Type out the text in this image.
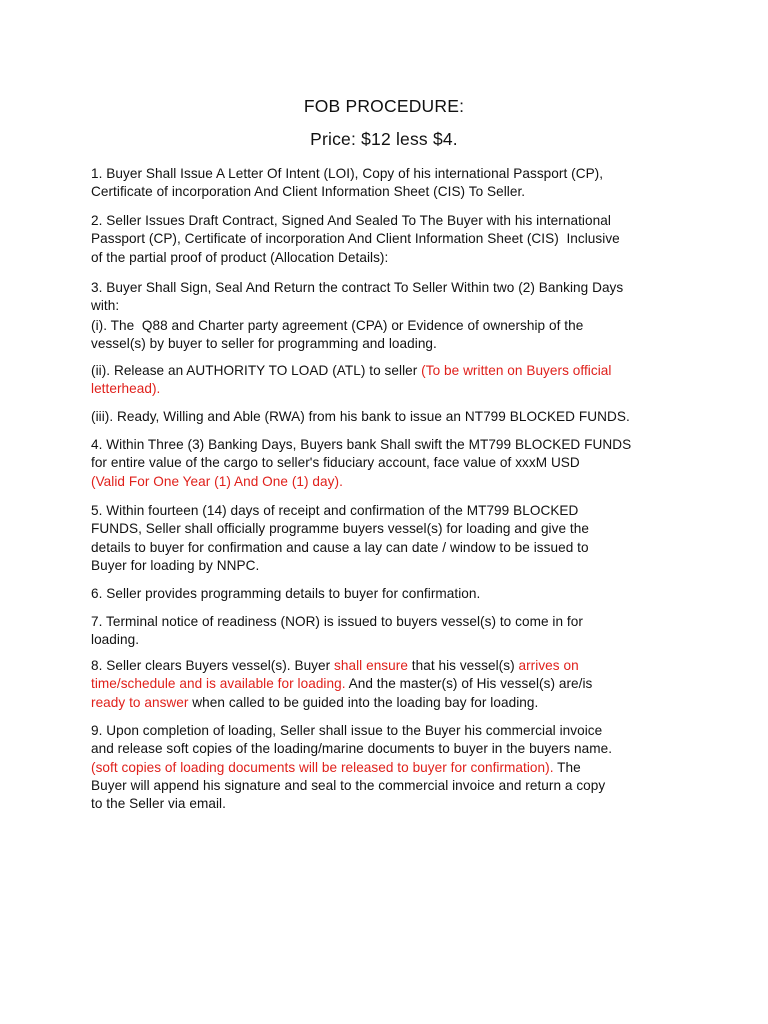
FOB PROCEDURE:
Price: $12 less $4.
1. Buyer Shall Issue A Letter Of Intent (LOI), Copy of his international Passport (CP),
Certificate of incorporation And Client Information Sheet (CIS) To Seller.
2. Seller Issues Draft Contract, Signed And Sealed To The Buyer with his international
Passport (CP), Certificate of incorporation And Client Information Sheet (CIS)  Inclusive
of the partial proof of product (Allocation Details):
3. Buyer Shall Sign, Seal And Return the contract To Seller Within two (2) Banking Days
with:
(i). The  Q88 and Charter party agreement (CPA) or Evidence of ownership of the
vessel(s) by buyer to seller for programming and loading.
(ii). Release an AUTHORITY TO LOAD (ATL) to seller (To be written on Buyers official
letterhead).
(iii). Ready, Willing and Able (RWA) from his bank to issue an NT799 BLOCKED FUNDS.
4. Within Three (3) Banking Days, Buyers bank Shall swift the MT799 BLOCKED FUNDS
for entire value of the cargo to seller's fiduciary account, face value of xxxM USD
(Valid For One Year (1) And One (1) day).
5. Within fourteen (14) days of receipt and confirmation of the MT799 BLOCKED
FUNDS, Seller shall officially programme buyers vessel(s) for loading and give the
details to buyer for confirmation and cause a lay can date / window to be issued to
Buyer for loading by NNPC.
6. Seller provides programming details to buyer for confirmation.
7. Terminal notice of readiness (NOR) is issued to buyers vessel(s) to come in for
loading.
8. Seller clears Buyers vessel(s). Buyer shall ensure that his vessel(s) arrives on
time/schedule and is available for loading. And the master(s) of His vessel(s) are/is
ready to answer when called to be guided into the loading bay for loading.
9. Upon completion of loading, Seller shall issue to the Buyer his commercial invoice
and release soft copies of the loading/marine documents to buyer in the buyers name.
(soft copies of loading documents will be released to buyer for confirmation). The
Buyer will append his signature and seal to the commercial invoice and return a copy
to the Seller via email.
